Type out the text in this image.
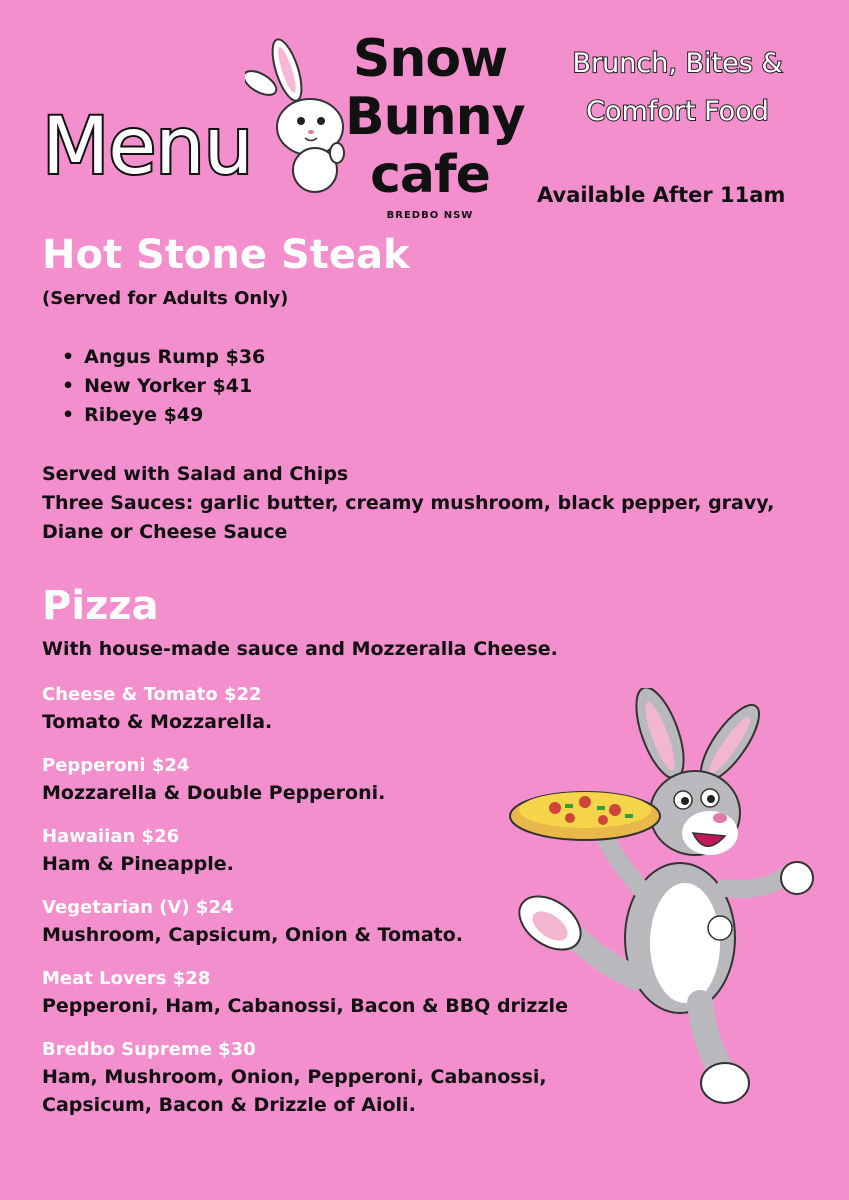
Menu
Snow
Bunny
cafe
BREDBO NSW
Brunch, Bites &
Comfort Food
Available After 11am
Hot Stone Steak
(Served for Adults Only)
• Angus Rump $36
• New Yorker $41
• Ribeye $49
Served with Salad and Chips
Three Sauces: garlic butter, creamy mushroom, black pepper, gravy, Diane or Cheese Sauce
Pizza
With house-made sauce and Mozzeralla Cheese.
Cheese & Tomato $22
Tomato & Mozzarella.
Pepperoni $24
Mozzarella & Double Pepperoni.
Hawaiian $26
Ham & Pineapple.
Vegetarian (V) $24
Mushroom, Capsicum, Onion & Tomato.
Meat Lovers $28
Pepperoni, Ham, Cabanossi, Bacon & BBQ drizzle
Bredbo Supreme $30
Ham, Mushroom, Onion, Pepperoni, Cabanossi, Capsicum, Bacon & Drizzle of Aioli.
